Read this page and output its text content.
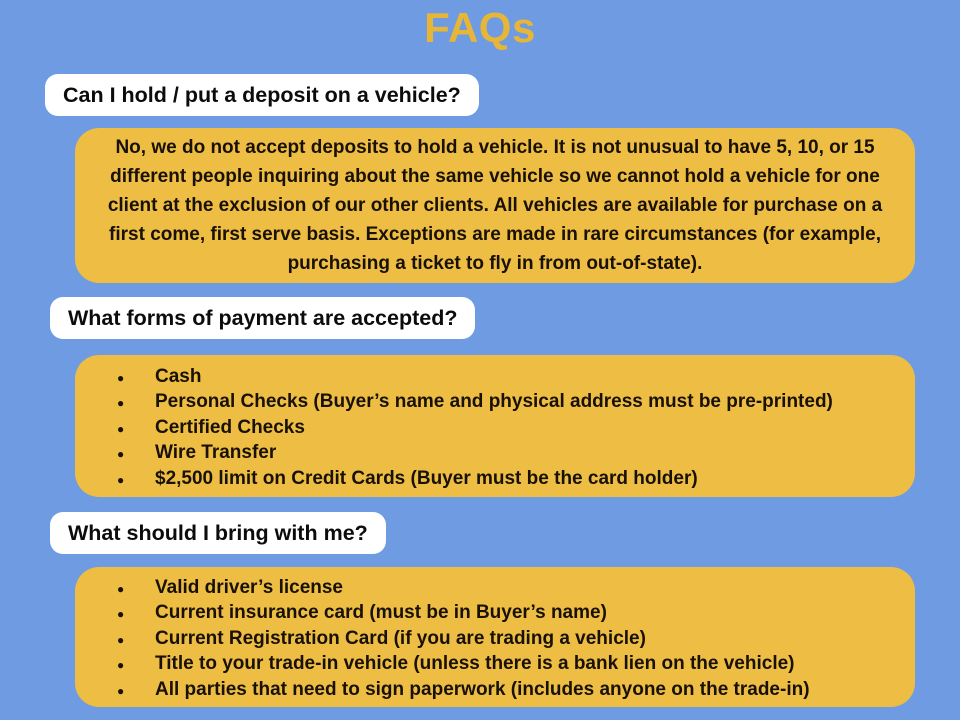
FAQs
Can I hold / put a deposit on a vehicle?

No, we do not accept deposits to hold a vehicle. It is not unusual to have 5, 10, or 15 different people inquiring about the same vehicle so we cannot hold a vehicle for one client at the exclusion of our other clients. All vehicles are available for purchase on a first come, first serve basis. Exceptions are made in rare circumstances (for example, purchasing a ticket to fly in from out-of-state).

What forms of payment are accepted?
●	Cash
●	Personal Checks (Buyer’s name and physical address must be pre-printed)
●	Certified Checks
●	Wire Transfer
●	$2,500 limit on Credit Cards (Buyer must be the card holder)
What should I bring with me?
●	Valid driver’s license
●	Current insurance card (must be in Buyer’s name)
●	Current Registration Card (if you are trading a vehicle)
●	Title to your trade-in vehicle (unless there is a bank lien on the vehicle)
●	All parties that need to sign paperwork (includes anyone on the trade-in)
